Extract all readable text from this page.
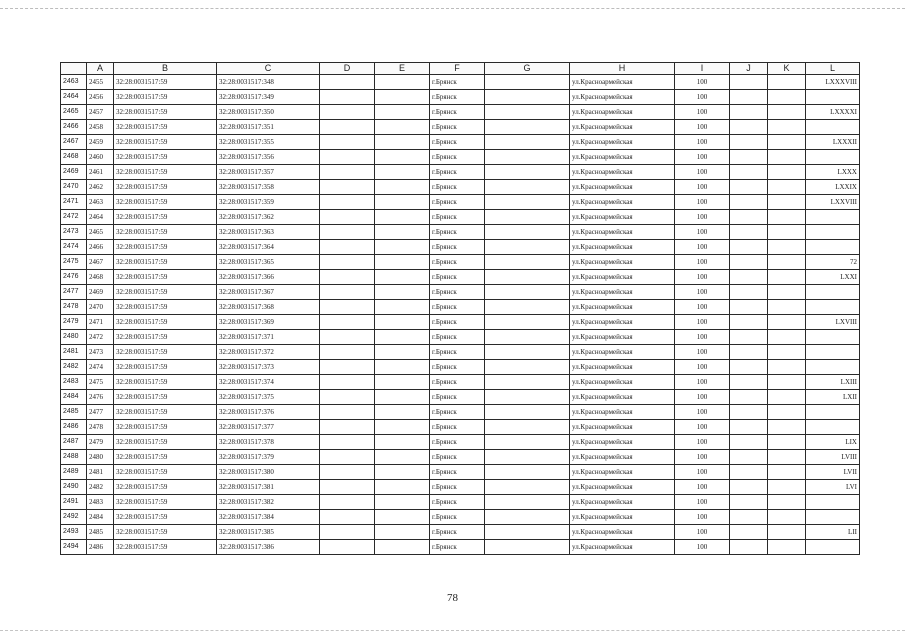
	A	B	C	D	E	F	G	H	I	J	K	L
2463	2455	32:28:0031517:59	32:28:0031517:348			г.Брянск		ул.Красноармейская	100			LXXXVIII
2464	2456	32:28:0031517:59	32:28:0031517:349			г.Брянск		ул.Красноармейская	100			
2465	2457	32:28:0031517:59	32:28:0031517:350			г.Брянск		ул.Красноармейская	100			LXXXXI
2466	2458	32:28:0031517:59	32:28:0031517:351			г.Брянск		ул.Красноармейская	100			
2467	2459	32:28:0031517:59	32:28:0031517:355			г.Брянск		ул.Красноармейская	100			LXXXII
2468	2460	32:28:0031517:59	32:28:0031517:356			г.Брянск		ул.Красноармейская	100			
2469	2461	32:28:0031517:59	32:28:0031517:357			г.Брянск		ул.Красноармейская	100			LXXX
2470	2462	32:28:0031517:59	32:28:0031517:358			г.Брянск		ул.Красноармейская	100			LXXIX
2471	2463	32:28:0031517:59	32:28:0031517:359			г.Брянск		ул.Красноармейская	100			LXXVIII
2472	2464	32:28:0031517:59	32:28:0031517:362			г.Брянск		ул.Красноармейская	100			
2473	2465	32:28:0031517:59	32:28:0031517:363			г.Брянск		ул.Красноармейская	100			
2474	2466	32:28:0031517:59	32:28:0031517:364			г.Брянск		ул.Красноармейская	100			
2475	2467	32:28:0031517:59	32:28:0031517:365			г.Брянск		ул.Красноармейская	100			72
2476	2468	32:28:0031517:59	32:28:0031517:366			г.Брянск		ул.Красноармейская	100			LXXI
2477	2469	32:28:0031517:59	32:28:0031517:367			г.Брянск		ул.Красноармейская	100			
2478	2470	32:28:0031517:59	32:28:0031517:368			г.Брянск		ул.Красноармейская	100			
2479	2471	32:28:0031517:59	32:28:0031517:369			г.Брянск		ул.Красноармейская	100			LXVIII
2480	2472	32:28:0031517:59	32:28:0031517:371			г.Брянск		ул.Красноармейская	100			
2481	2473	32:28:0031517:59	32:28:0031517:372			г.Брянск		ул.Красноармейская	100			
2482	2474	32:28:0031517:59	32:28:0031517:373			г.Брянск		ул.Красноармейская	100			
2483	2475	32:28:0031517:59	32:28:0031517:374			г.Брянск		ул.Красноармейская	100			LXIII
2484	2476	32:28:0031517:59	32:28:0031517:375			г.Брянск		ул.Красноармейская	100			LXII
2485	2477	32:28:0031517:59	32:28:0031517:376			г.Брянск		ул.Красноармейская	100			
2486	2478	32:28:0031517:59	32:28:0031517:377			г.Брянск		ул.Красноармейская	100			
2487	2479	32:28:0031517:59	32:28:0031517:378			г.Брянск		ул.Красноармейская	100			LIX
2488	2480	32:28:0031517:59	32:28:0031517:379			г.Брянск		ул.Красноармейская	100			LVIII
2489	2481	32:28:0031517:59	32:28:0031517:380			г.Брянск		ул.Красноармейская	100			LVII
2490	2482	32:28:0031517:59	32:28:0031517:381			г.Брянск		ул.Красноармейская	100			LVI
2491	2483	32:28:0031517:59	32:28:0031517:382			г.Брянск		ул.Красноармейская	100			
2492	2484	32:28:0031517:59	32:28:0031517:384			г.Брянск		ул.Красноармейская	100			
2493	2485	32:28:0031517:59	32:28:0031517:385			г.Брянск		ул.Красноармейская	100			LII
2494	2486	32:28:0031517:59	32:28:0031517:386			г.Брянск		ул.Красноармейская	100			
78
